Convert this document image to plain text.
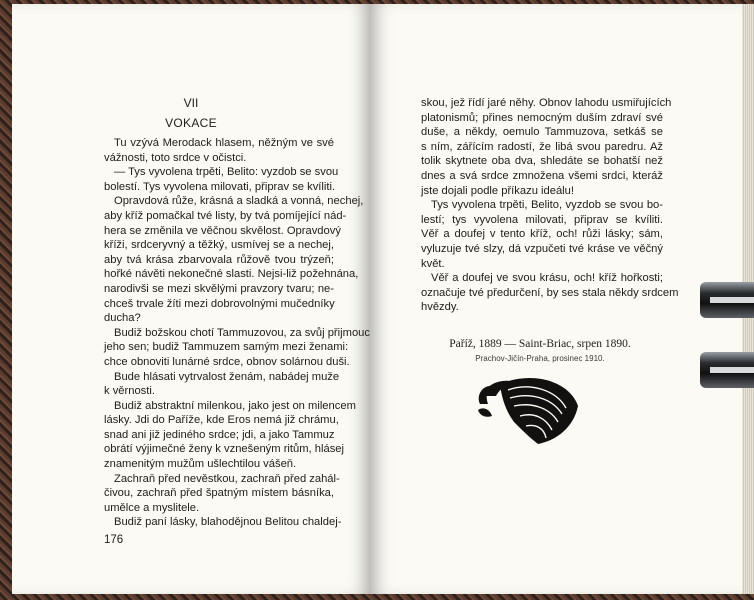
VII
VOKACE
Tu vzývá Merodack hlasem, něžným ve své
vážnosti, toto srdce v očistci.
— Tys vyvolena trpěti, Belito: vyzdob se svou
bolestí. Tys vyvolena milovati, připrav se kvíliti.
Opravdová růže, krásná a sladká a vonná, nechej,
aby kříž pomačkal tvé listy, by tvá pomíjející nád-
hera se změnila ve věčnou skvělost. Opravdový
kříži, srdceryvný a těžký, usmívej se a nechej,
aby tvá krása zbarvovala růžově tvou trýzeň;
hořké návěti nekonečné slasti. Nejsi-liž požehnána,
narodivši se mezi skvělými pravzory tvaru; ne-
chceš trvale žíti mezi dobrovolnými mučedníky
ducha?
Budiž božskou chotí Tammuzovou, za svůj přijmouc
jeho sen; budiž Tammuzem samým mezi ženami:
chce obnoviti lunárné srdce, obnov solárnou duši.
Bude hlásati vytrvalost ženám, nabádej muže
k věrnosti.
Budiž abstraktní milenkou, jako jest on milencem
lásky. Jdi do Paříže, kde Eros nemá již chrámu,
snad ani již jediného srdce; jdi, a jako Tammuz
obrátí výjimečné ženy k vznešeným ritům, hlásej
znamenitým mužům ušlechtilou vášeň.
Zachraň před nevěstkou, zachraň před zahál-
čivou, zachraň před špatným místem básníka,
umělce a myslitele.
Budiž paní lásky, blahodějnou Belitou chaldej-
176
skou, jež řídí jaré něhy. Obnov lahodu usmiřujících
platonismů; přines nemocným duším zdraví své
duše, a někdy, oemulo Tammuzova, setkáš se
s ním, zářícím radostí, že libá svou paredru. Až
tolik skytnete oba dva, shledáte se bohatší než
dnes a svá srdce zmnožena všemi srdci, kteráž
jste dojali podle příkazu ideálu!
Tys vyvolena trpěti, Belito, vyzdob se svou bo-
lestí; tys vyvolena milovati, připrav se kvíliti.
Věř a doufej v tento kříž, och! růži lásky; sám,
vyluzuje tvé slzy, dá vzpučeti tvé krásе ve věčný
květ.
Věř a doufej ve svou krásu, och! kříž hořkosti;
označuje tvé předurčení, by ses stala někdy srdcem
hvězdy.
Paříž, 1889 — Saint-Briac, srpen 1890.
Prachov-Jičín-Praha, prosinec 1910.
